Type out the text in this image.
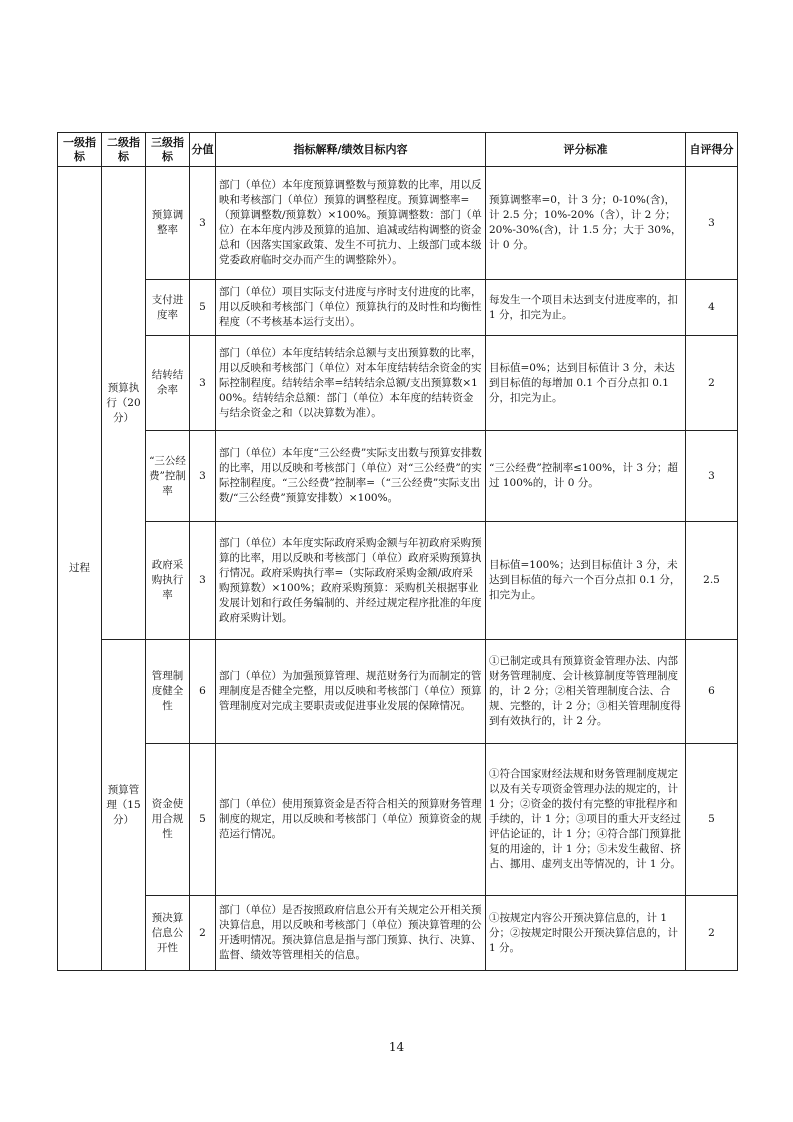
一级指标	二级指标	三级指标	分值	指标解释/绩效目标内容	评分标准	自评得分
过程	预算执行（20分）	预算调整率	3	部门（单位）本年度预算调整数与预算数的比率，用以反映和考核部门（单位）预算的调整程度。预算调整率=（预算调整数/预算数）×100%。预算调整数：部门（单位）在本年度内涉及预算的追加、追减或结构调整的资金总和（因落实国家政策、发生不可抗力、上级部门或本级党委政府临时交办而产生的调整除外）。	预算调整率=0，计 3 分；0-10%(含)，计 2.5 分；10%-20%（含），计 2 分；20%-30%(含)，计 1.5 分；大于 30%，计 0 分。	3
		支付进度率	5	部门（单位）项目实际支付进度与序时支付进度的比率，用以反映和考核部门（单位）预算执行的及时性和均衡性程度（不考核基本运行支出）。	每发生一个项目未达到支付进度率的，扣 1 分，扣完为止。	4
		结转结余率	3	部门（单位）本年度结转结余总额与支出预算数的比率，用以反映和考核部门（单位）对本年度结转结余资金的实际控制程度。结转结余率=结转结余总额/支出预算数×100%。结转结余总额：部门（单位）本年度的结转资金与结余资金之和（以决算数为准）。	目标值=0%；达到目标值计 3 分，未达到目标值的每增加 0.1 个百分点扣 0.1 分，扣完为止。	2
		“三公经费”控制率	3	部门（单位）本年度“三公经费”实际支出数与预算安排数的比率，用以反映和考核部门（单位）对“三公经费”的实际控制程度。“三公经费”控制率=（“三公经费”实际支出数/“三公经费”预算安排数）×100%。	“三公经费”控制率≤100%，计 3 分；超过 100%的，计 0 分。	3
		政府采购执行率	3	部门（单位）本年度实际政府采购金额与年初政府采购预算的比率，用以反映和考核部门（单位）政府采购预算执行情况。政府采购执行率=（实际政府采购金额/政府采购预算数）×100%；政府采购预算：采购机关根据事业发展计划和行政任务编制的、并经过规定程序批准的年度政府采购计划。	目标值=100%；达到目标值计 3 分，未达到目标值的每六一个百分点扣 0.1 分，扣完为止。	2.5
	预算管理（15分）	管理制度健全性	6	部门（单位）为加强预算管理、规范财务行为而制定的管理制度是否健全完整，用以反映和考核部门（单位）预算管理制度对完成主要职责或促进事业发展的保障情况。	①已制定或具有预算资金管理办法、内部财务管理制度、会计核算制度等管理制度的，计 2 分；②相关管理制度合法、合规、完整的，计 2 分；③相关管理制度得到有效执行的，计 2 分。	6
		资金使用合规性	5	部门（单位）使用预算资金是否符合相关的预算财务管理制度的规定，用以反映和考核部门（单位）预算资金的规范运行情况。	①符合国家财经法规和财务管理制度规定以及有关专项资金管理办法的规定的，计 1 分；②资金的拨付有完整的审批程序和手续的，计 1 分；③项目的重大开支经过评估论证的，计 1 分；④符合部门预算批复的用途的，计 1 分；⑤未发生截留、挤占、挪用、虚列支出等情况的，计 1 分。	5
		预决算信息公开性	2	部门（单位）是否按照政府信息公开有关规定公开相关预决算信息，用以反映和考核部门（单位）预决算管理的公开透明情况。预决算信息是指与部门预算、执行、决算、监督、绩效等管理相关的信息。	①按规定内容公开预决算信息的，计 1 分；②按规定时限公开预决算信息的，计 1 分。	2
14
